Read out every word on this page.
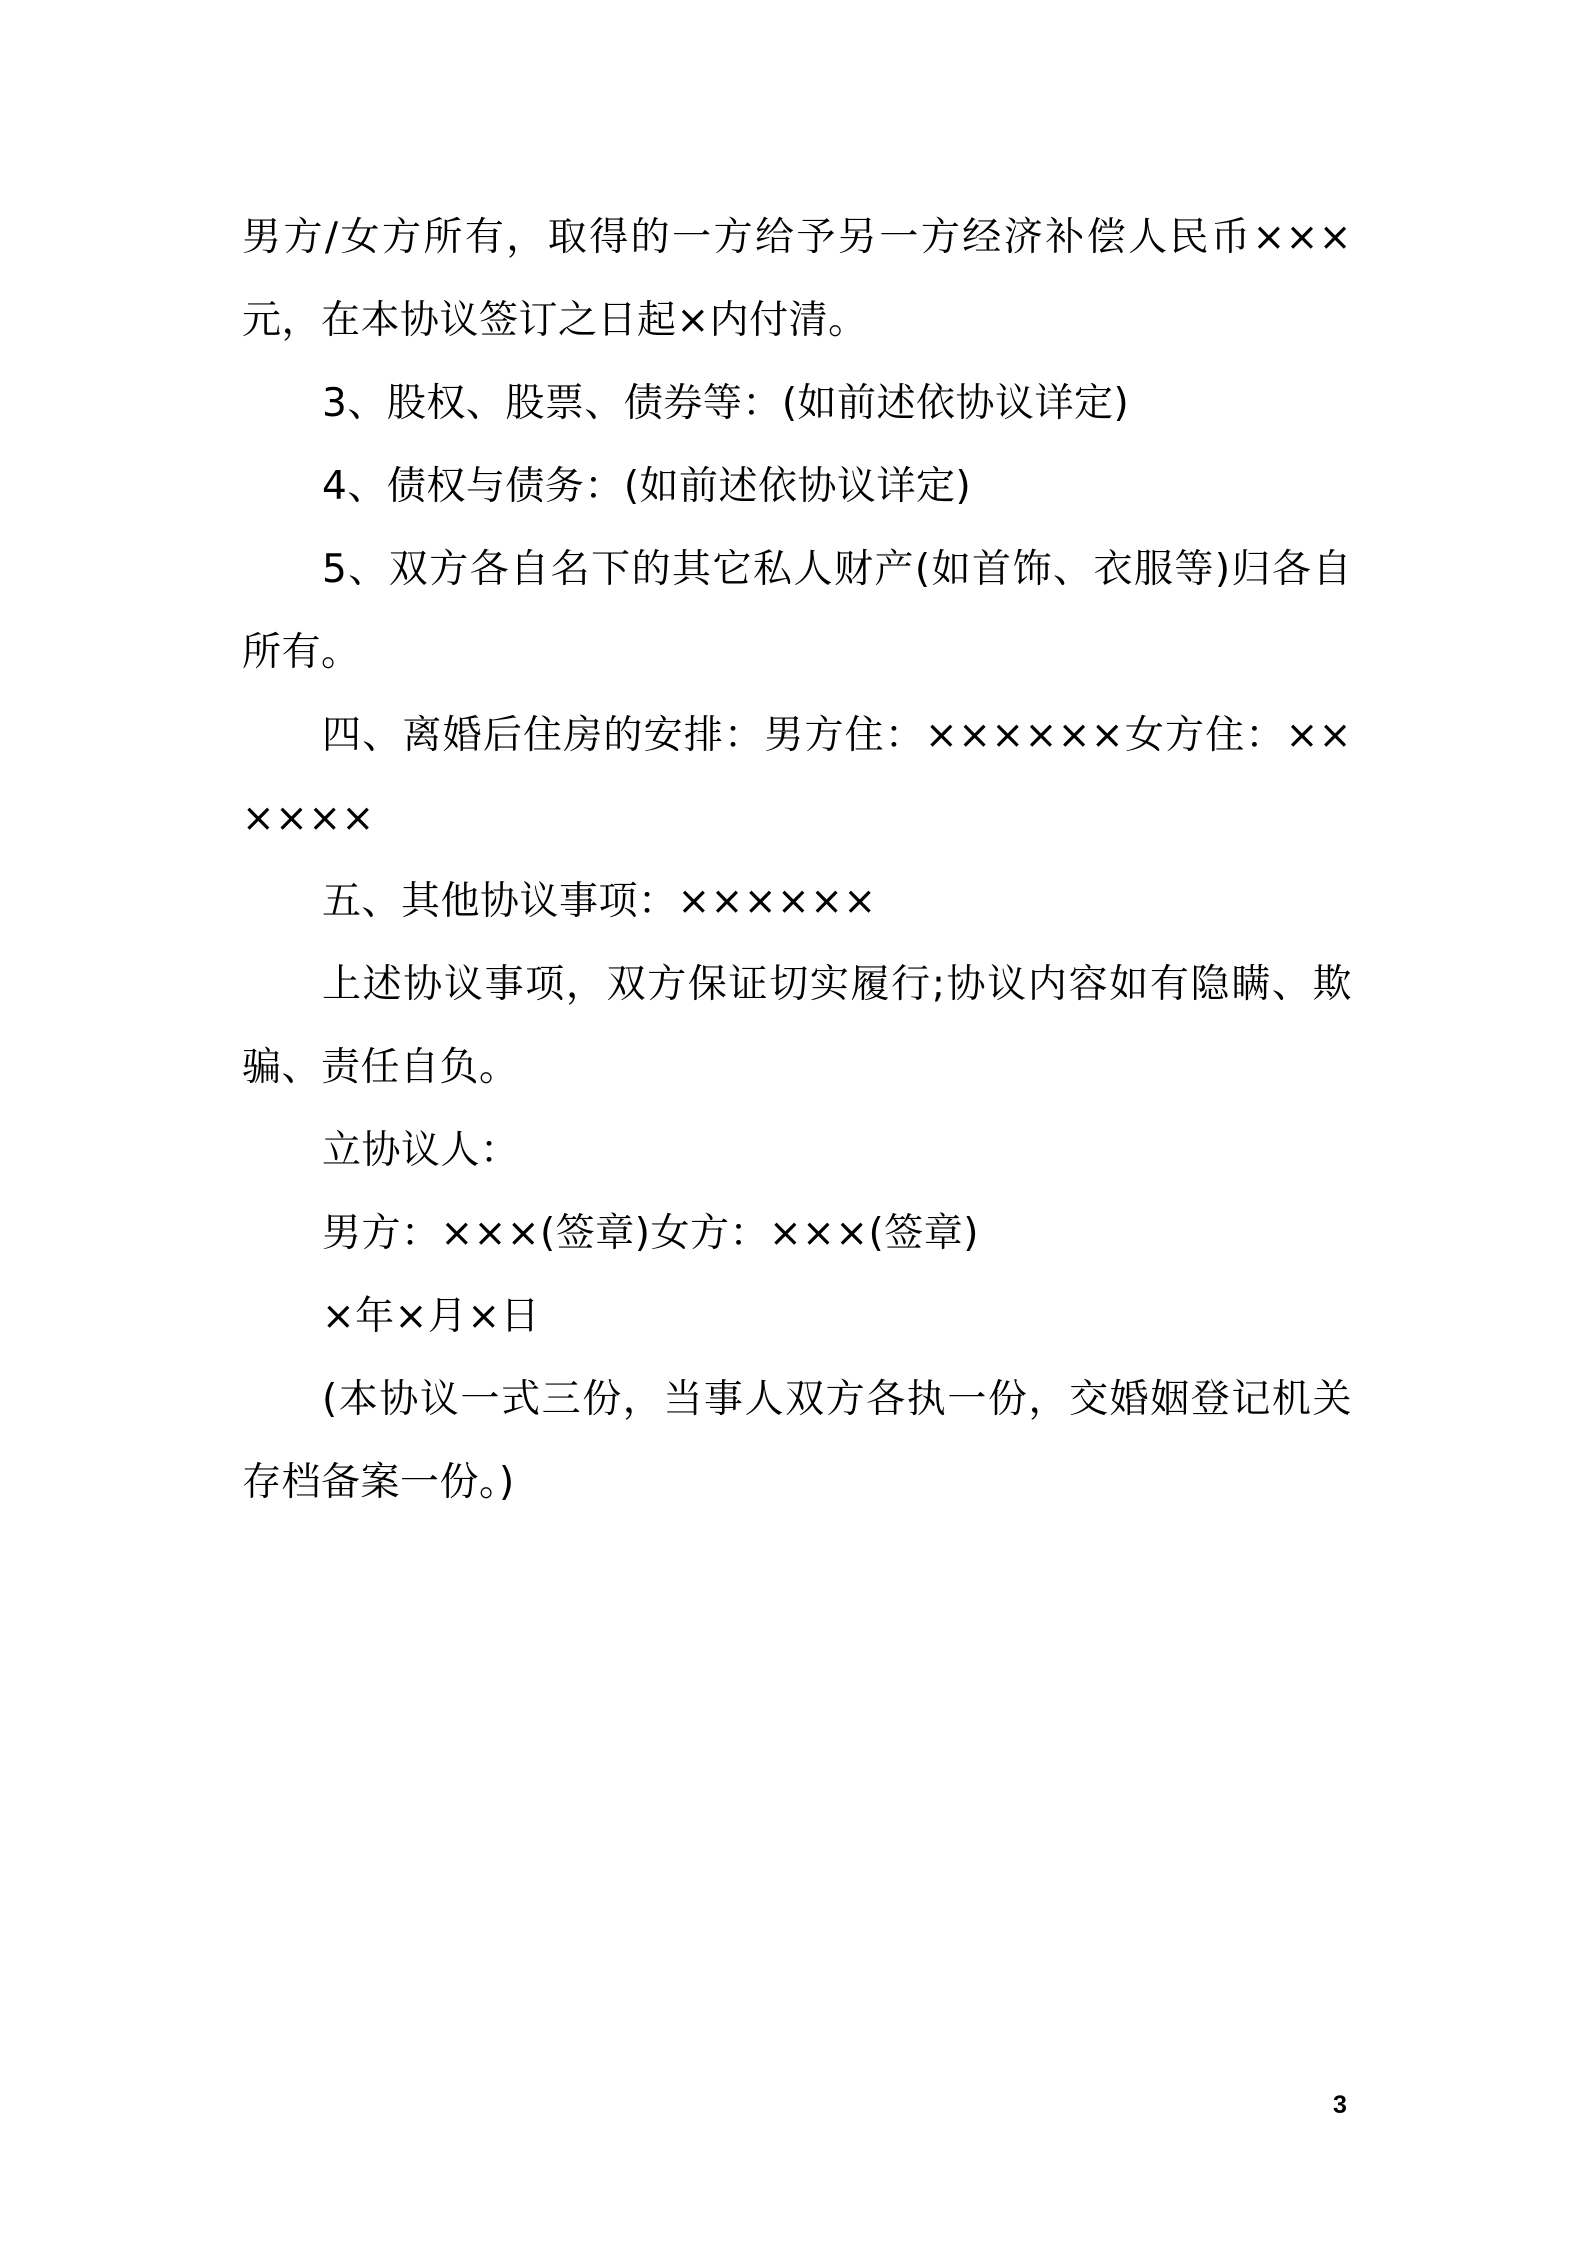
男方/女方所有，取得的一方给予另一方经济补偿人民币×××元，在本协议签订之日起×内付清。

3、股权、股票、债券等：(如前述依协议详定)

4、债权与债务：(如前述依协议详定)

5、双方各自名下的其它私人财产(如首饰、衣服等)归各自所有。

四、离婚后住房的安排：男方住：××××××女方住：××××××

五、其他协议事项：××××××

上述协议事项，双方保证切实履行;协议内容如有隐瞒、欺骗、责任自负。

立协议人：

男方：×××(签章)女方：×××(签章)

×年×月×日

(本协议一式三份，当事人双方各执一份，交婚姻登记机关存档备案一份。)

3
